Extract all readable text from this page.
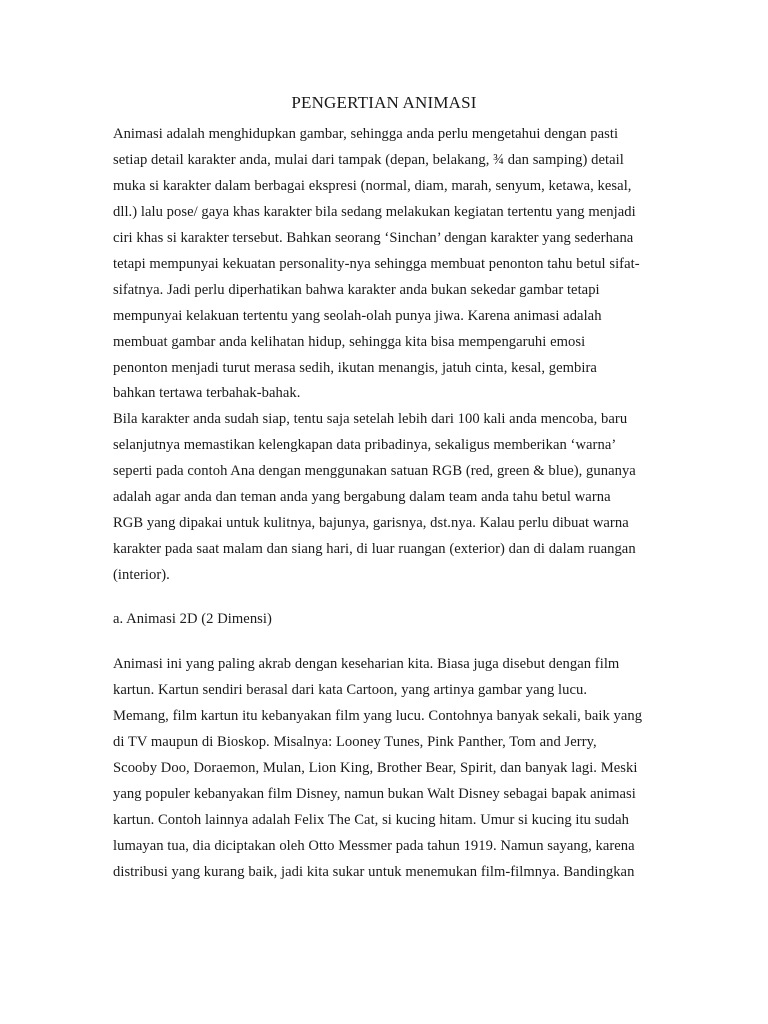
PENGERTIAN ANIMASI
Animasi adalah menghidupkan gambar, sehingga anda perlu mengetahui dengan pasti
setiap detail karakter anda, mulai dari tampak (depan, belakang, ¾ dan samping) detail
muka si karakter dalam berbagai ekspresi (normal, diam, marah, senyum, ketawa, kesal,
dll.) lalu pose/ gaya khas karakter bila sedang melakukan kegiatan tertentu yang menjadi
ciri khas si karakter tersebut. Bahkan seorang ‘Sinchan’ dengan karakter yang sederhana
tetapi mempunyai kekuatan personality-nya sehingga membuat penonton tahu betul sifat-
sifatnya. Jadi perlu diperhatikan bahwa karakter anda bukan sekedar gambar tetapi
mempunyai kelakuan tertentu yang seolah-olah punya jiwa. Karena animasi adalah
membuat gambar anda kelihatan hidup, sehingga kita bisa mempengaruhi emosi
penonton menjadi turut merasa sedih, ikutan menangis, jatuh cinta, kesal, gembira
bahkan tertawa terbahak-bahak.
Bila karakter anda sudah siap, tentu saja setelah lebih dari 100 kali anda mencoba, baru
selanjutnya memastikan kelengkapan data pribadinya, sekaligus memberikan ‘warna’
seperti pada contoh Ana dengan menggunakan satuan RGB (red, green & blue), gunanya
adalah agar anda dan teman anda yang bergabung dalam team anda tahu betul warna
RGB yang dipakai untuk kulitnya, bajunya, garisnya, dst.nya. Kalau perlu dibuat warna
karakter pada saat malam dan siang hari, di luar ruangan (exterior) dan di dalam ruangan
(interior).
a. Animasi 2D (2 Dimensi)
Animasi ini yang paling akrab dengan keseharian kita. Biasa juga disebut dengan film
kartun. Kartun sendiri berasal dari kata Cartoon, yang artinya gambar yang lucu.
Memang, film kartun itu kebanyakan film yang lucu. Contohnya banyak sekali, baik yang
di TV maupun di Bioskop. Misalnya: Looney Tunes, Pink Panther, Tom and Jerry,
Scooby Doo, Doraemon, Mulan, Lion King, Brother Bear, Spirit, dan banyak lagi. Meski
yang populer kebanyakan film Disney, namun bukan Walt Disney sebagai bapak animasi
kartun. Contoh lainnya adalah Felix The Cat, si kucing hitam. Umur si kucing itu sudah
lumayan tua, dia diciptakan oleh Otto Messmer pada tahun 1919. Namun sayang, karena
distribusi yang kurang baik, jadi kita sukar untuk menemukan film-filmnya. Bandingkan
